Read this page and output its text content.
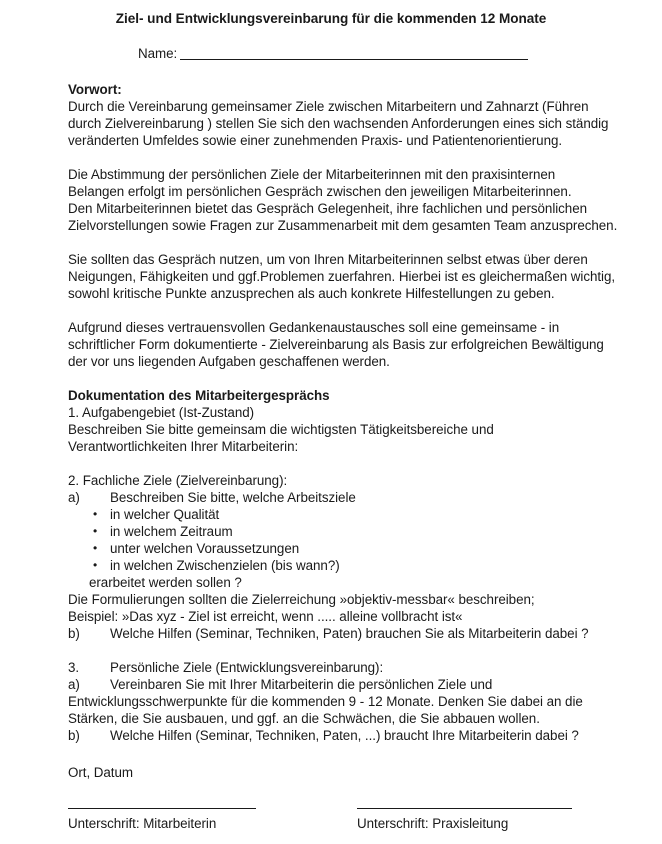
Ziel- und Entwicklungsvereinbarung für die kommenden 12 Monate
Name:
Vorwort:
Durch die Vereinbarung gemeinsamer Ziele zwischen Mitarbeitern und Zahnarzt (Führen
durch Zielvereinbarung ) stellen Sie sich den wachsenden Anforderungen eines sich ständig
veränderten Umfeldes sowie einer zunehmenden Praxis- und Patientenorientierung.
Die Abstimmung der persönlichen Ziele der Mitarbeiterinnen mit den praxisinternen
Belangen erfolgt im persönlichen Gespräch zwischen den jeweiligen Mitarbeiterinnen.
Den Mitarbeiterinnen bietet das Gespräch Gelegenheit, ihre fachlichen und persönlichen
Zielvorstellungen sowie Fragen zur Zusammenarbeit mit dem gesamten Team anzusprechen.
Sie sollten das Gespräch nutzen, um von Ihren Mitarbeiterinnen selbst etwas über deren
Neigungen, Fähigkeiten und ggf.Problemen zuerfahren. Hierbei ist es gleichermaßen wichtig,
sowohl kritische Punkte anzusprechen als auch konkrete Hilfestellungen zu geben.
Aufgrund dieses vertrauensvollen Gedankenaustausches soll eine gemeinsame - in
schriftlicher Form dokumentierte - Zielvereinbarung als Basis zur erfolgreichen Bewältigung
der vor uns liegenden Aufgaben geschaffenen werden.
Dokumentation des Mitarbeitergesprächs
1. Aufgabengebiet (Ist-Zustand)
Beschreiben Sie bitte gemeinsam die wichtigsten Tätigkeitsbereiche und
Verantwortlichkeiten Ihrer Mitarbeiterin:
2. Fachliche Ziele (Zielvereinbarung):
a) Beschreiben Sie bitte, welche Arbeitsziele
• in welcher Qualität
• in welchem Zeitraum
• unter welchen Voraussetzungen
• in welchen Zwischenzielen (bis wann?)
erarbeitet werden sollen ?
Die Formulierungen sollten die Zielerreichung »objektiv-messbar« beschreiben;
Beispiel: »Das xyz - Ziel ist erreicht, wenn ..... alleine vollbracht ist«
b) Welche Hilfen (Seminar, Techniken, Paten) brauchen Sie als Mitarbeiterin dabei ?
3. Persönliche Ziele (Entwicklungsvereinbarung):
a) Vereinbaren Sie mit Ihrer Mitarbeiterin die persönlichen Ziele und
Entwicklungsschwerpunkte für die kommenden 9 - 12 Monate. Denken Sie dabei an die
Stärken, die Sie ausbauen, und ggf. an die Schwächen, die Sie abbauen wollen.
b) Welche Hilfen (Seminar, Techniken, Paten, ...) braucht Ihre Mitarbeiterin dabei ?
Ort, Datum
Unterschrift: Mitarbeiterin	Unterschrift: Praxisleitung
